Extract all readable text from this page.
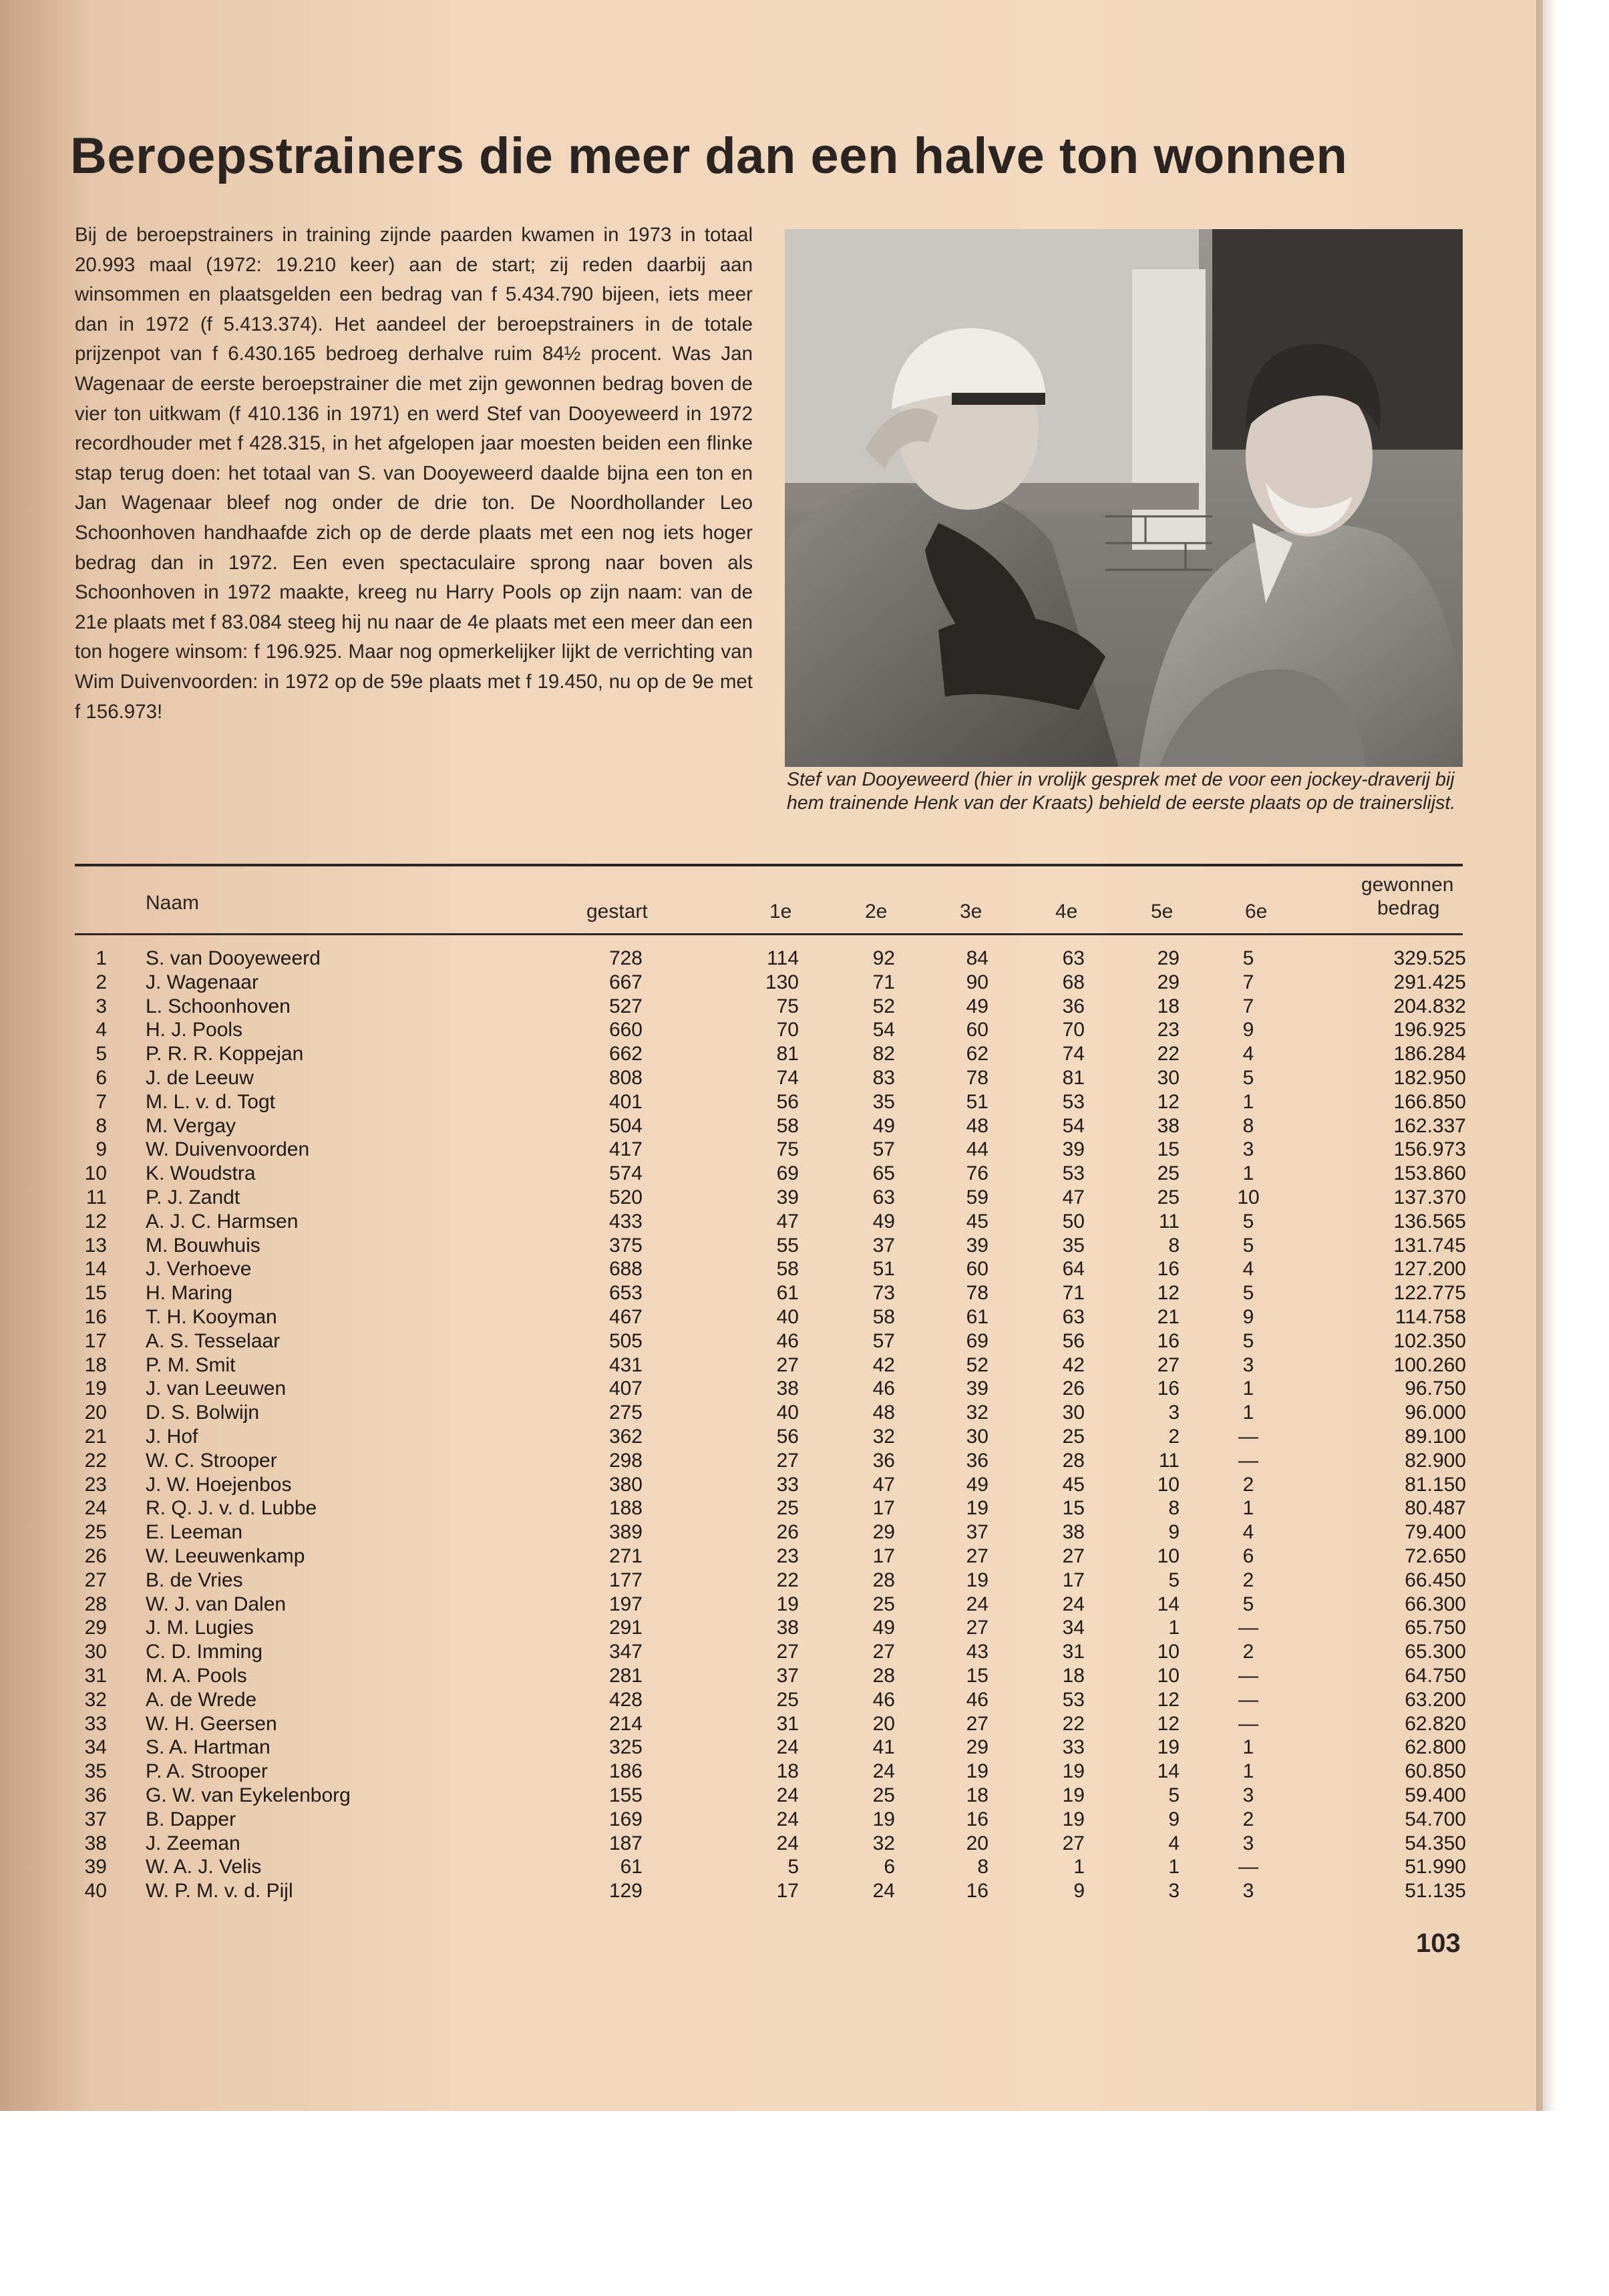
Beroepstrainers die meer dan een halve ton wonnen
Bij de beroepstrainers in training zijnde paarden kwamen in 1973 in totaal 20.993 maal (1972: 19.210 keer) aan de start; zij reden daarbij aan winsommen en plaatsgelden een bedrag van f 5.434.790 bijeen, iets meer dan in 1972 (f 5.413.374). Het aandeel der beroepstrainers in de totale prijzenpot van f 6.430.165 bedroeg derhalve ruim 84½ procent. Was Jan Wagenaar de eerste beroepstrainer die met zijn gewonnen bedrag boven de vier ton uitkwam (f 410.136 in 1971) en werd Stef van Dooyeweerd in 1972 recordhouder met f 428.315, in het afgelopen jaar moesten beiden een flinke stap terug doen: het totaal van S. van Dooyeweerd daalde bijna een ton en Jan Wagenaar bleef nog onder de drie ton. De Noordhollander Leo Schoonhoven handhaafde zich op de derde plaats met een nog iets hoger bedrag dan in 1972. Een even spectaculaire sprong naar boven als Schoonhoven in 1972 maakte, kreeg nu Harry Pools op zijn naam: van de 21e plaats met f 83.084 steeg hij nu naar de 4e plaats met een meer dan een ton hogere winsom: f 196.925. Maar nog opmerkelijker lijkt de verrichting van Wim Duivenvoorden: in 1972 op de 59e plaats met f 19.450, nu op de 9e met f 156.973!
Stef van Dooyeweerd (hier in vrolijk gesprek met de voor een jockey-draverij bij hem trainende Henk van der Kraats) behield de eerste plaats op de trainerslijst.
Naam	gestart	1e	2e	3e	4e	5e	6e
gewonnen
bedrag
1 S. van Dooyeweerd	728	114	92	84	63	29	5	329.525
2 J. Wagenaar	667	130	71	90	68	29	7	291.425
3 L. Schoonhoven	527	75	52	49	36	18	7	204.832
4 H. J. Pools	660	70	54	60	70	23	9	196.925
5 P. R. R. Koppejan	662	81	82	62	74	22	4	186.284
6 J. de Leeuw	808	74	83	78	81	30	5	182.950
7 M. L. v. d. Togt	401	56	35	51	53	12	1	166.850
8 M. Vergay	504	58	49	48	54	38	8	162.337
9 W. Duivenvoorden	417	75	57	44	39	15	3	156.973
10 K. Woudstra	574	69	65	76	53	25	1	153.860
11 P. J. Zandt	520	39	63	59	47	25	10	137.370
12 A. J. C. Harmsen	433	47	49	45	50	11	5	136.565
13 M. Bouwhuis	375	55	37	39	35	8	5	131.745
14 J. Verhoeve	688	58	51	60	64	16	4	127.200
15 H. Maring	653	61	73	78	71	12	5	122.775
16 T. H. Kooyman	467	40	58	61	63	21	9	114.758
17 A. S. Tesselaar	505	46	57	69	56	16	5	102.350
18 P. M. Smit	431	27	42	52	42	27	3	100.260
19 J. van Leeuwen	407	38	46	39	26	16	1	96.750
20 D. S. Bolwijn	275	40	48	32	30	3	1	96.000
21 J. Hof	362	56	32	30	25	2	—	89.100
22 W. C. Strooper	298	27	36	36	28	11	—	82.900
23 J. W. Hoejenbos	380	33	47	49	45	10	2	81.150
24 R. Q. J. v. d. Lubbe	188	25	17	19	15	8	1	80.487
25 E. Leeman	389	26	29	37	38	9	4	79.400
26 W. Leeuwenkamp	271	23	17	27	27	10	6	72.650
27 B. de Vries	177	22	28	19	17	5	2	66.450
28 W. J. van Dalen	197	19	25	24	24	14	5	66.300
29 J. M. Lugies	291	38	49	27	34	1	—	65.750
30 C. D. Imming	347	27	27	43	31	10	2	65.300
31 M. A. Pools	281	37	28	15	18	10	—	64.750
32 A. de Wrede	428	25	46	46	53	12	—	63.200
33 W. H. Geersen	214	31	20	27	22	12	—	62.820
34 S. A. Hartman	325	24	41	29	33	19	1	62.800
35 P. A. Strooper	186	18	24	19	19	14	1	60.850
36 G. W. van Eykelenborg	155	24	25	18	19	5	3	59.400
37 B. Dapper	169	24	19	16	19	9	2	54.700
38 J. Zeeman	187	24	32	20	27	4	3	54.350
39 W. A. J. Velis	61	5	6	8	1	1	—	51.990
40 W. P. M. v. d. Pijl	129	17	24	16	9	3	3	51.135
103
